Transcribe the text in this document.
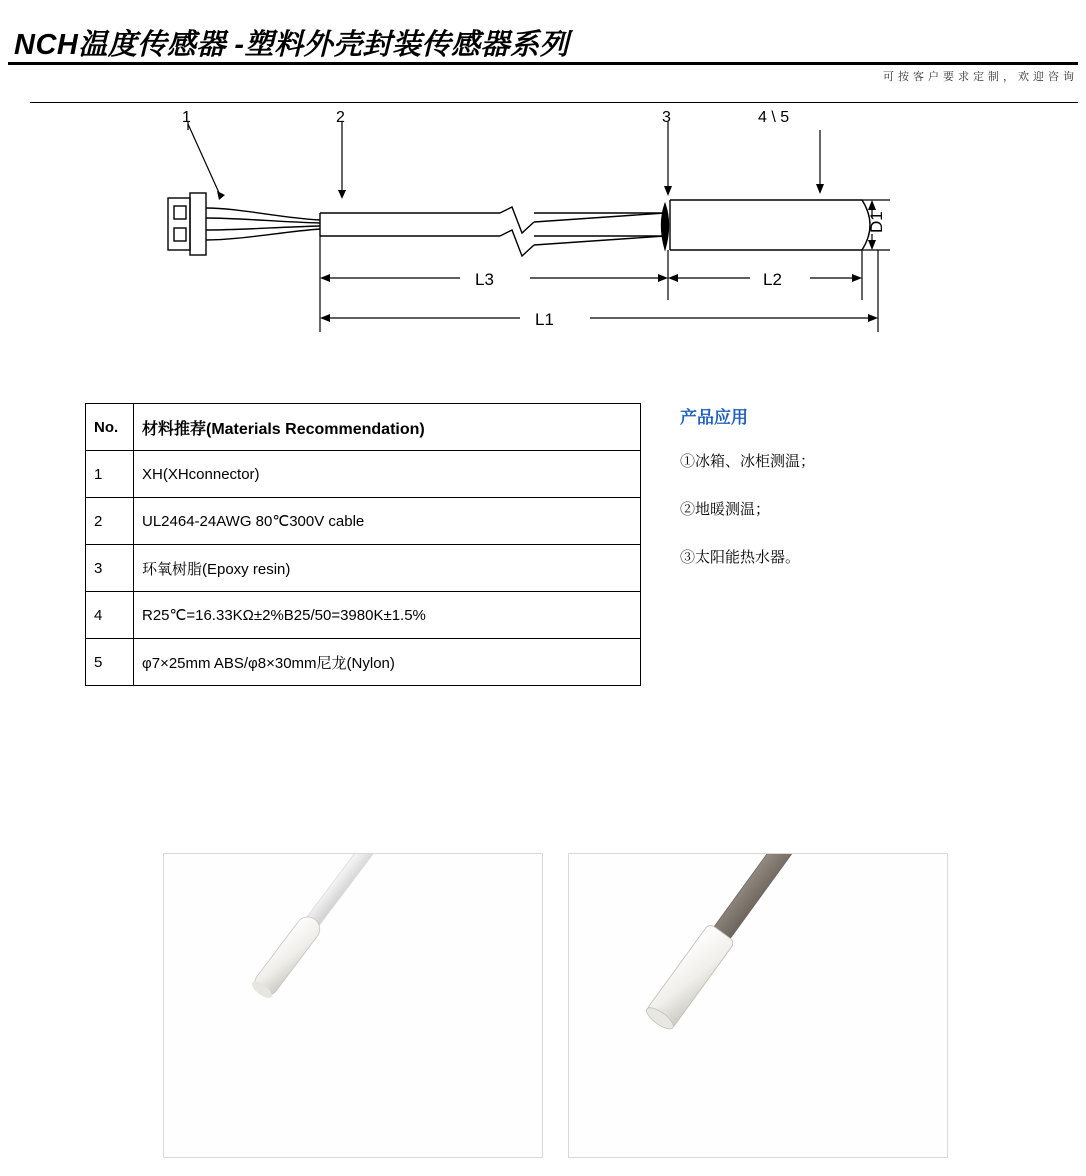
NCH温度传感器 -塑料外壳封装传感器系列
可按客户要求定制，欢迎咨询
1	2	3	4 \ 5
L3	L2
L1
D1
No.	材料推荐(Materials Recommendation)
1	XH(XHconnector)
2	UL2464-24AWG 80℃300V cable
3	环氧树脂(Epoxy resin)
4	R25℃=16.33KΩ±2%B25/50=3980K±1.5%
5	φ7×25mm ABS/φ8×30mm尼龙(Nylon)
产品应用
①冰箱、冰柜测温；
②地暖测温；
③太阳能热水器。
